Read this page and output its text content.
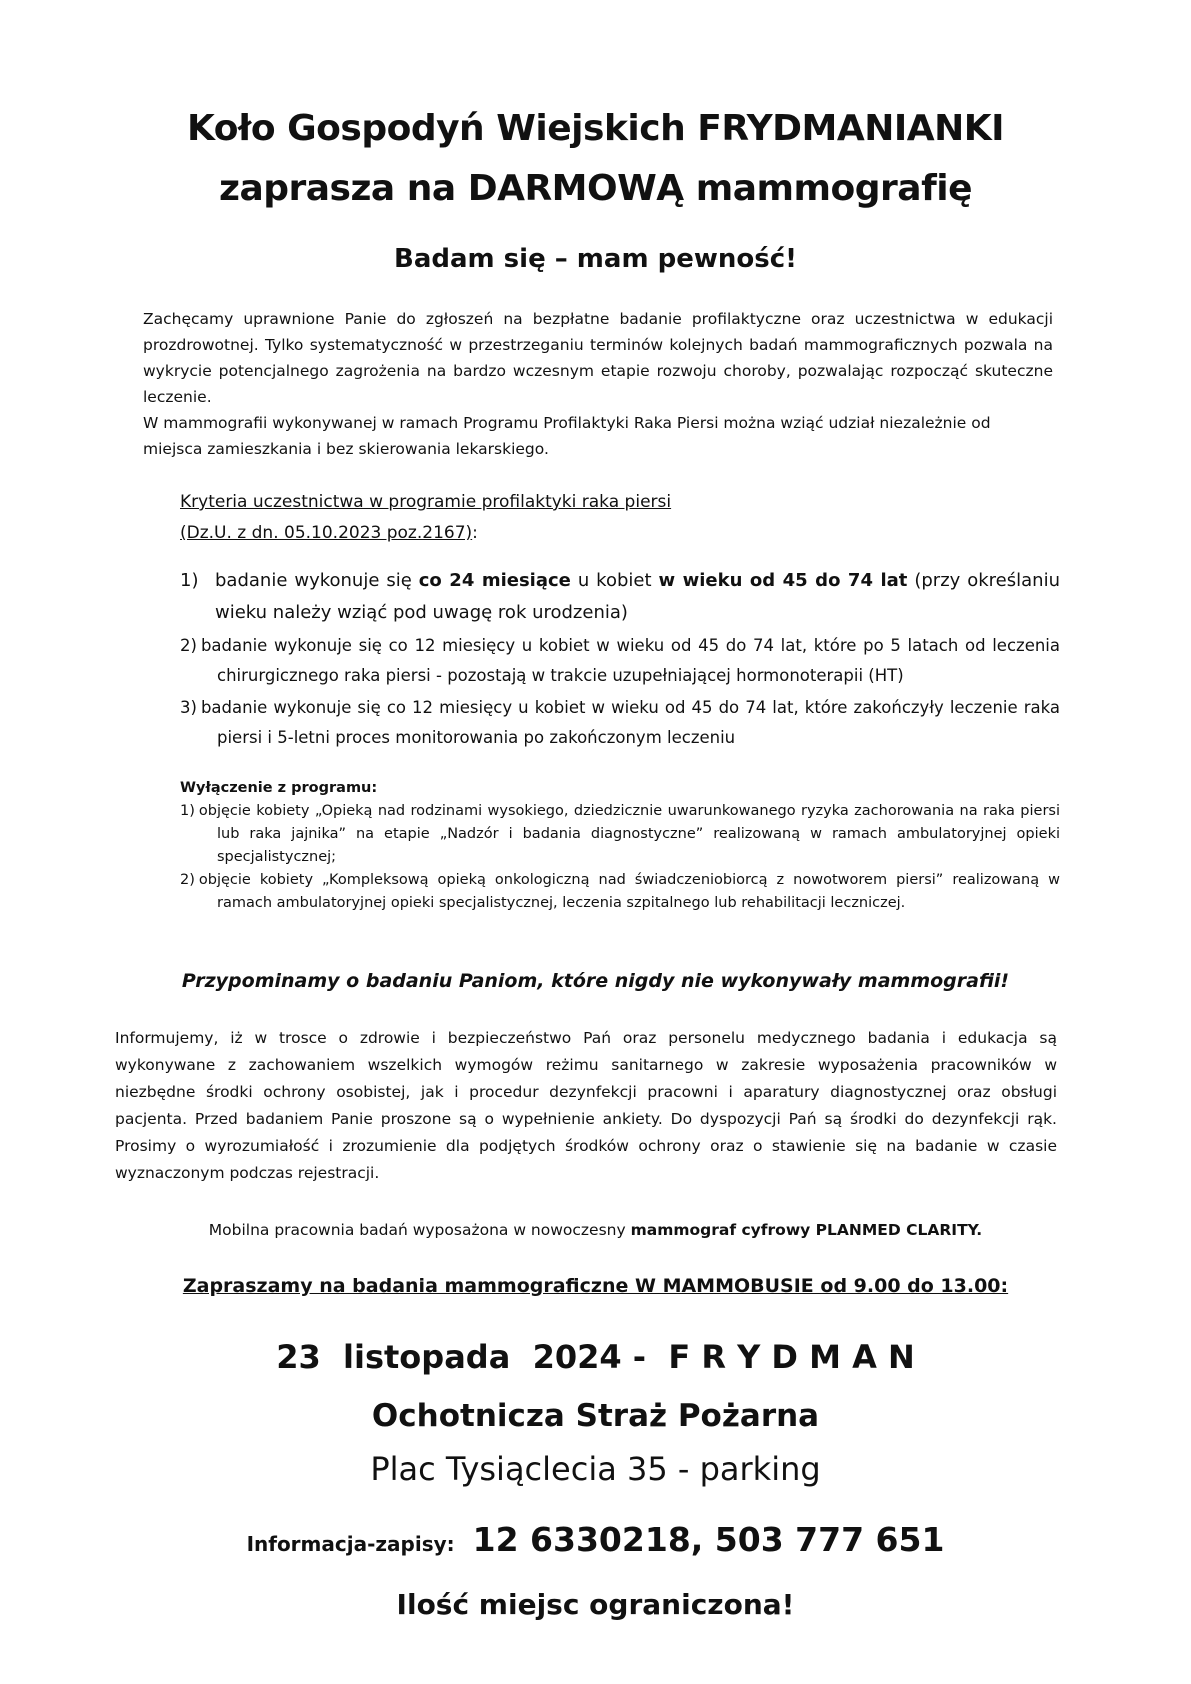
Koło Gospodyń Wiejskich FRYDMANIANKI
zaprasza na DARMOWĄ mammografię
Badam się – mam pewność!

Zachęcamy uprawnione Panie do zgłoszeń na bezpłatne badanie profilaktyczne oraz uczestnictwa w edukacji prozdrowotnej. Tylko systematyczność w przestrzeganiu terminów kolejnych badań mammograficznych pozwala na wykrycie potencjalnego zagrożenia na bardzo wczesnym etapie rozwoju choroby, pozwalając rozpocząć skuteczne leczenie.

W mammografii wykonywanej w ramach Programu Profilaktyki Raka Piersi można wziąć udział niezależnie od miejsca zamieszkania i bez skierowania lekarskiego.

Kryteria uczestnictwa w programie profilaktyki raka piersi
(Dz.U. z dn. 05.10.2023 poz.2167):
1) badanie wykonuje się co 24 miesiące u kobiet w wieku od 45 do 74 lat (przy określaniu wieku należy wziąć pod uwagę rok urodzenia)
2) badanie wykonuje się co 12 miesięcy u kobiet w wieku od 45 do 74 lat, które po 5 latach od leczenia chirurgicznego raka piersi - pozostają w trakcie uzupełniającej hormonoterapii (HT)
3) badanie wykonuje się co 12 miesięcy u kobiet w wieku od 45 do 74 lat, które zakończyły leczenie raka piersi i 5-letni proces monitorowania po zakończonym leczeniu
Wyłączenie z programu:
1) objęcie kobiety „Opieką nad rodzinami wysokiego, dziedzicznie uwarunkowanego ryzyka zachorowania na raka piersi lub raka jajnika” na etapie „Nadzór i badania diagnostyczne” realizowaną w ramach ambulatoryjnej opieki specjalistycznej;
2) objęcie kobiety „Kompleksową opieką onkologiczną nad świadczeniobiorcą z nowotworem piersi” realizowaną w ramach ambulatoryjnej opieki specjalistycznej, leczenia szpitalnego lub rehabilitacji leczniczej.
Przypominamy o badaniu Paniom, które nigdy nie wykonywały mammografii!
Informujemy, iż w trosce o zdrowie i bezpieczeństwo Pań oraz personelu medycznego badania i edukacja są wykonywane z zachowaniem wszelkich wymogów reżimu sanitarnego w zakresie wyposażenia pracowników w niezbędne środki ochrony osobistej, jak i procedur dezynfekcji pracowni i aparatury diagnostycznej oraz obsługi pacjenta. Przed badaniem Panie proszone są o wypełnienie ankiety. Do dyspozycji Pań są środki do dezynfekcji rąk. Prosimy o wyrozumiałość i zrozumienie dla podjętych środków ochrony oraz o stawienie się na badanie w czasie wyznaczonym podczas rejestracji.
Mobilna pracownia badań wyposażona w nowoczesny mammograf cyfrowy PLANMED CLARITY.
Zapraszamy na badania mammograficzne W MAMMOBUSIE od 9.00 do 13.00:
23  listopada  2024 -  F R Y D M A N
Ochotnicza Straż Pożarna
Plac Tysiąclecia 35 - parking
Informacja-zapisy: 12 6330218, 503 777 651
Ilość miejsc ograniczona!
